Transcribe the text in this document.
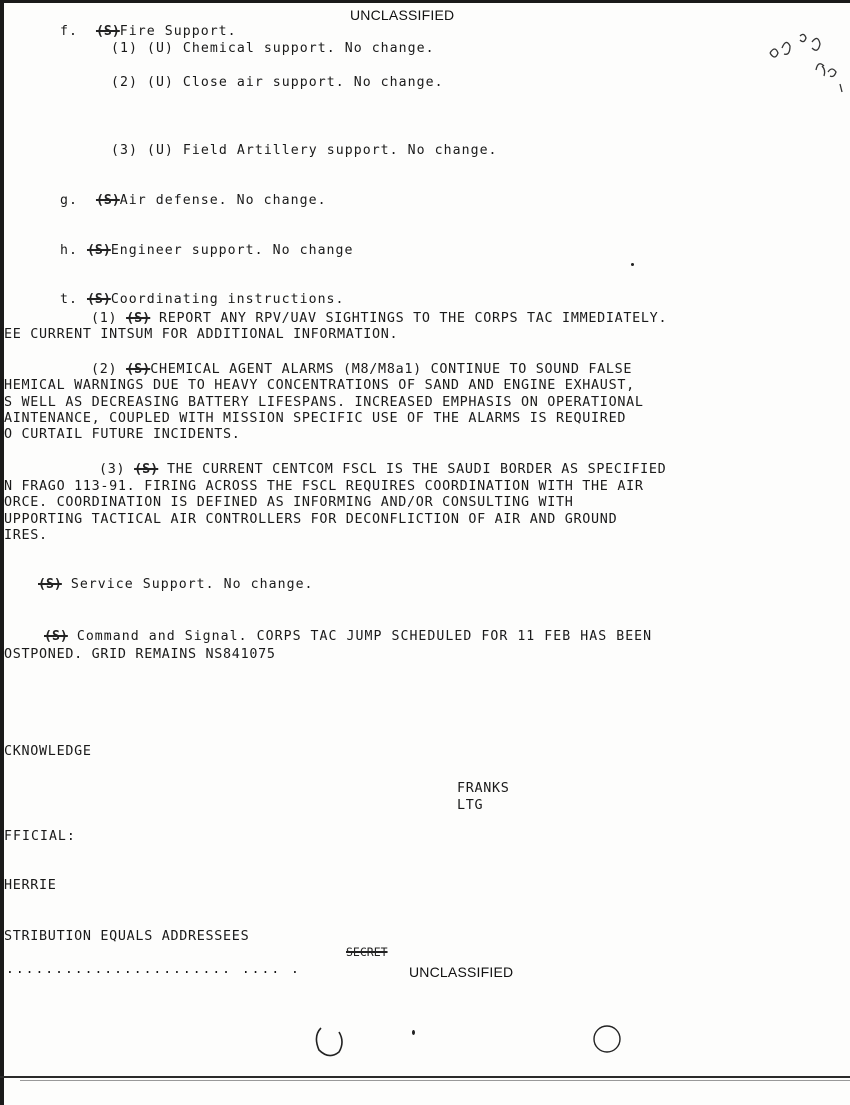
UNCLASSIFIED
f. (S)Fire Support.
(1) (U) Chemical support. No change.
(2) (U) Close air support. No change.
(3) (U) Field Artillery support. No change.
g. (S)Air defense. No change.
h. (S)Engineer support. No change
t. (S)Coordinating instructions.
(1) (S) REPORT ANY RPV/UAV SIGHTINGS TO THE CORPS TAC IMMEDIATELY.
EE CURRENT INTSUM FOR ADDITIONAL INFORMATION.
(2) (S)CHEMICAL AGENT ALARMS (M8/M8a1) CONTINUE TO SOUND FALSE
HEMICAL WARNINGS DUE TO HEAVY CONCENTRATIONS OF SAND AND ENGINE EXHAUST,
S WELL AS DECREASING BATTERY LIFESPANS. INCREASED EMPHASIS ON OPERATIONAL
AINTENANCE, COUPLED WITH MISSION SPECIFIC USE OF THE ALARMS IS REQUIRED
O CURTAIL FUTURE INCIDENTS.
(3) (S) THE CURRENT CENTCOM FSCL IS THE SAUDI BORDER AS SPECIFIED
N FRAGO 113-91. FIRING ACROSS THE FSCL REQUIRES COORDINATION WITH THE AIR
ORCE. COORDINATION IS DEFINED AS INFORMING AND/OR CONSULTING WITH
UPPORTING TACTICAL AIR CONTROLLERS FOR DECONFLICTION OF AIR AND GROUND
IRES.
(S) Service Support. No change.
(S) Command and Signal. CORPS TAC JUMP SCHEDULED FOR 11 FEB HAS BEEN
OSTPONED. GRID REMAINS NS841075
CKNOWLEDGE
FRANKS
LTG
FFICIAL:
HERRIE
STRIBUTION EQUALS ADDRESSEES
SECRET
....................... .... .	UNCLASSIFIED
